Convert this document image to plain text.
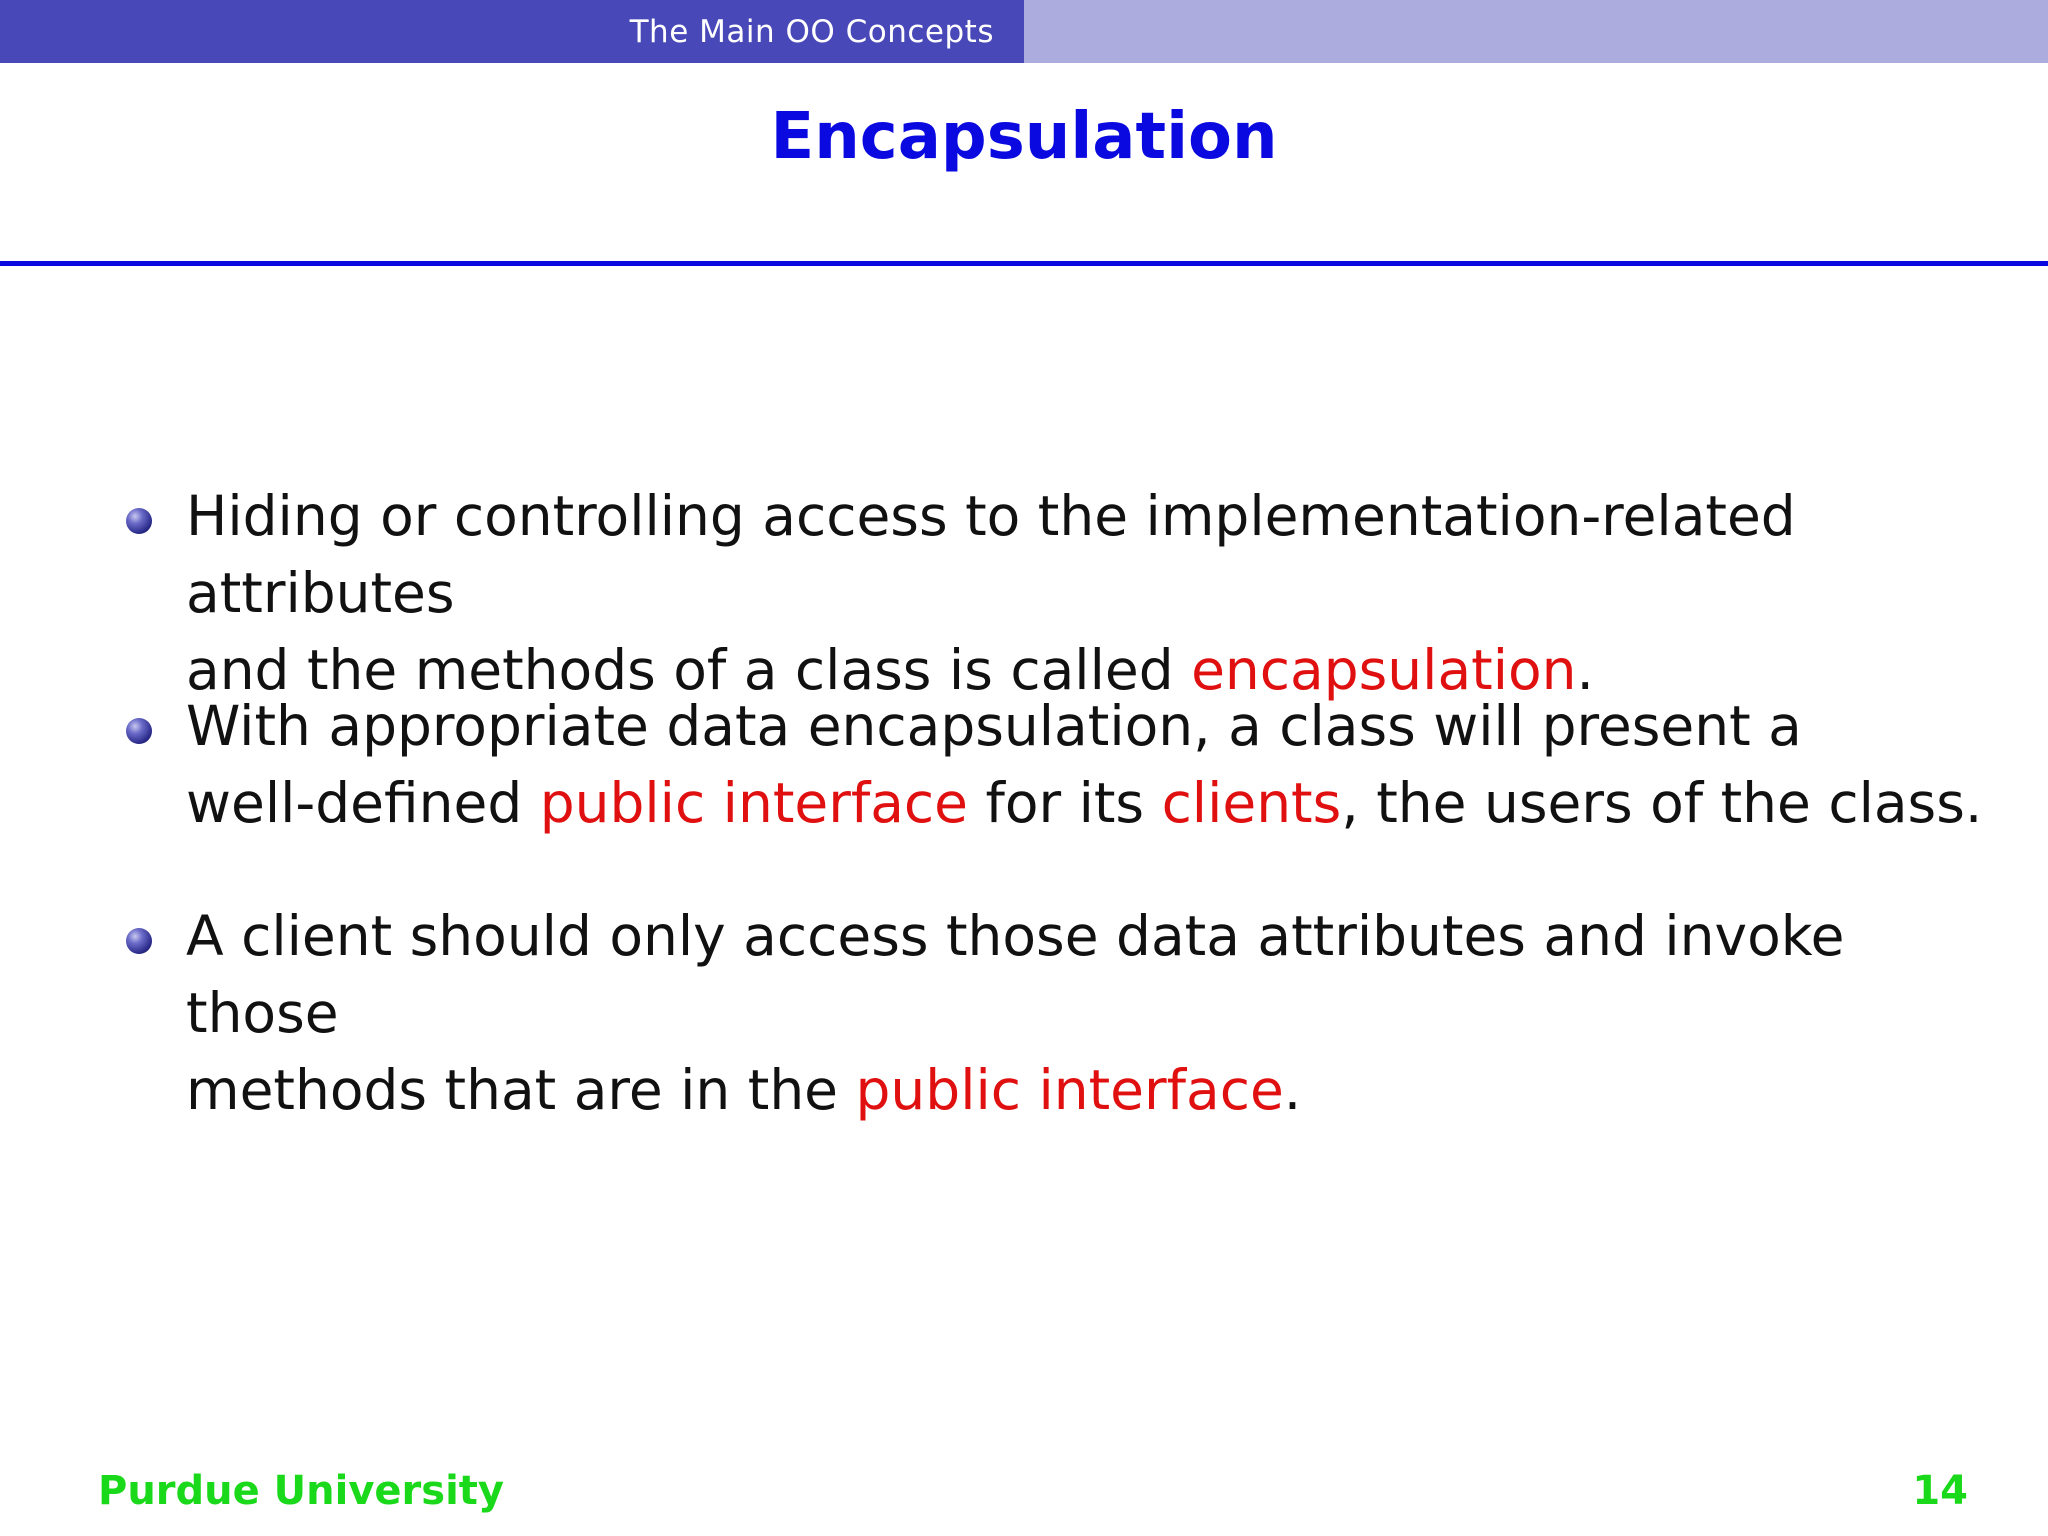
The Main OO Concepts
Encapsulation
Hiding or controlling access to the implementation-related attributes
and the methods of a class is called encapsulation.
With appropriate data encapsulation, a class will present a
well-defined public interface for its clients, the users of the class.
A client should only access those data attributes and invoke those
methods that are in the public interface.
Purdue University	14
